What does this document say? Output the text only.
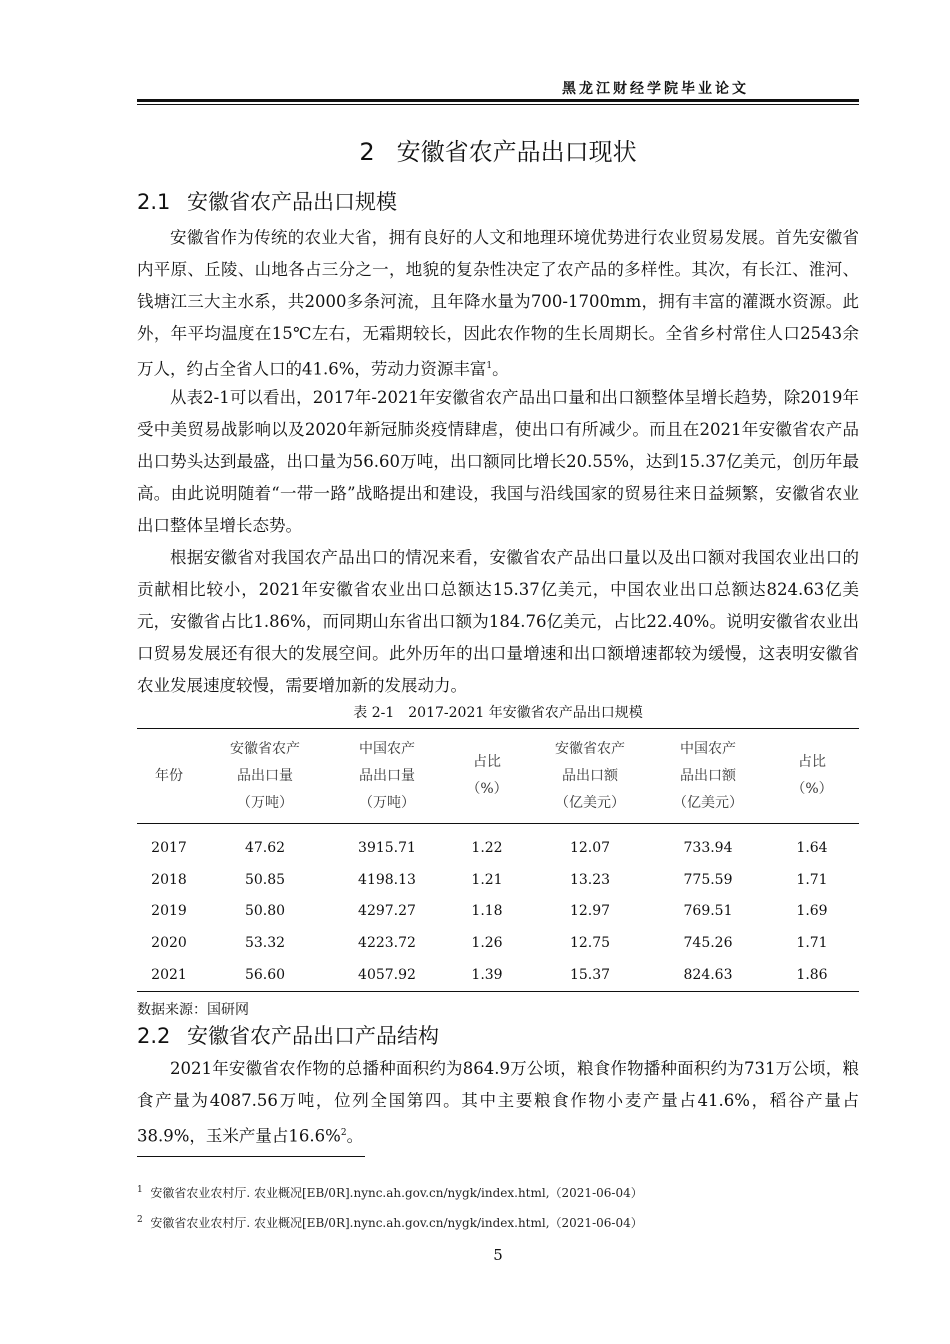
黑龙江财经学院毕业论文
2 安徽省农产品出口现状
2.1 安徽省农产品出口规模

安徽省作为传统的农业大省，拥有良好的人文和地理环境优势进行农业贸易发展。首先安徽省内平原、丘陵、山地各占三分之一，地貌的复杂性决定了农产品的多样性。其次，有长江、淮河、钱塘江三大主水系，共2000多条河流，且年降水量为700-1700mm，拥有丰富的灌溉水资源。此外，年平均温度在15℃左右，无霜期较长，因此农作物的生长周期长。全省乡村常住人口2543余万人，约占全省人口的41.6%，劳动力资源丰富$^1$。

从表2-1可以看出，2017年-2021年安徽省农产品出口量和出口额整体呈增长趋势，除2019年受中美贸易战影响以及2020年新冠肺炎疫情肆虐，使出口有所减少。而且在2021年安徽省农产品出口势头达到最盛，出口量为56.60万吨，出口额同比增长20.55%，达到15.37亿美元，创历年最高。由此说明随着“一带一路”战略提出和建设，我国与沿线国家的贸易往来日益频繁，安徽省农业出口整体呈增长态势。

根据安徽省对我国农产品出口的情况来看，安徽省农产品出口量以及出口额对我国农业出口的贡献相比较小，2021年安徽省农业出口总额达15.37亿美元，中国农业出口总额达824.63亿美元，安徽省占比1.86%，而同期山东省出口额为184.76亿美元，占比22.40%。说明安徽省农业出口贸易发展还有很大的发展空间。此外历年的出口量增速和出口额增速都较为缓慢，这表明安徽省农业发展速度较慢，需要增加新的发展动力。

表 2-1　2017-2021 年安徽省农产品出口规模
年份	安徽省农产
品出口量
（万吨）	中国农产
品出口量
（万吨）	占比
（%）	安徽省农产
品出口额
（亿美元）	中国农产
品出口额
（亿美元）	占比
（%）
2017	47.62	3915.71	1.22	12.07	733.94	1.64
2018	50.85	4198.13	1.21	13.23	775.59	1.71
2019	50.80	4297.27	1.18	12.97	769.51	1.69
2020	53.32	4223.72	1.26	12.75	745.26	1.71
2021	56.60	4057.92	1.39	15.37	824.63	1.86
数据来源：国研网
2.2 安徽省农产品出口产品结构

2021年安徽省农作物的总播种面积约为864.9万公顷，粮食作物播种面积约为731万公顷，粮食产量为4087.56万吨，位列全国第四。其中主要粮食作物小麦产量占41.6%，稻谷产量占38.9%，玉米产量占16.6%$^2$。

$^1$ 安徽省农业农村厅. 农业概况[EB/0R].nync.ah.gov.cn/nygk/index.html,（2021-06-04）
$^2$ 安徽省农业农村厅. 农业概况[EB/0R].nync.ah.gov.cn/nygk/index.html,（2021-06-04）
5
